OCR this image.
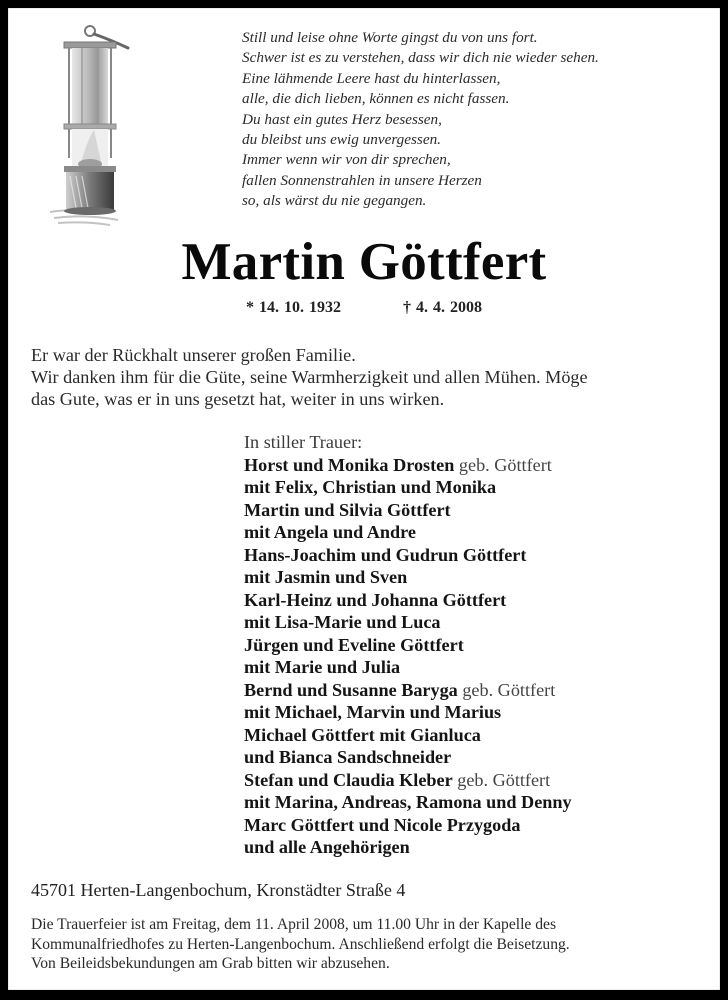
Still und leise ohne Worte gingst du von uns fort.
Schwer ist es zu verstehen, dass wir dich nie wieder sehen.
Eine lähmende Leere hast du hinterlassen,
alle, die dich lieben, können es nicht fassen.
Du hast ein gutes Herz besessen,
du bleibst uns ewig unvergessen.
Immer wenn wir von dir sprechen,
fallen Sonnenstrahlen in unsere Herzen
so, als wärst du nie gegangen.
Martin Göttfert
* 14. 10. 1932	† 4. 4. 2008
Er war der Rückhalt unserer großen Familie.
Wir danken ihm für die Güte, seine Warmherzigkeit und allen Mühen. Möge
das Gute, was er in uns gesetzt hat, weiter in uns wirken.
In stiller Trauer:
Horst und Monika Drosten geb. Göttfert
mit Felix, Christian und Monika
Martin und Silvia Göttfert
mit Angela und Andre
Hans-Joachim und Gudrun Göttfert
mit Jasmin und Sven
Karl-Heinz und Johanna Göttfert
mit Lisa-Marie und Luca
Jürgen und Eveline Göttfert
mit Marie und Julia
Bernd und Susanne Baryga geb. Göttfert
mit Michael, Marvin und Marius
Michael Göttfert mit Gianluca
und Bianca Sandschneider
Stefan und Claudia Kleber geb. Göttfert
mit Marina, Andreas, Ramona und Denny
Marc Göttfert und Nicole Przygoda
und alle Angehörigen
45701 Herten-Langenbochum, Kronstädter Straße 4
Die Trauerfeier ist am Freitag, dem 11. April 2008, um 11.00 Uhr in der Kapelle des
Kommunalfriedhofes zu Herten-Langenbochum. Anschließend erfolgt die Beisetzung.
Von Beileidsbekundungen am Grab bitten wir abzusehen.
